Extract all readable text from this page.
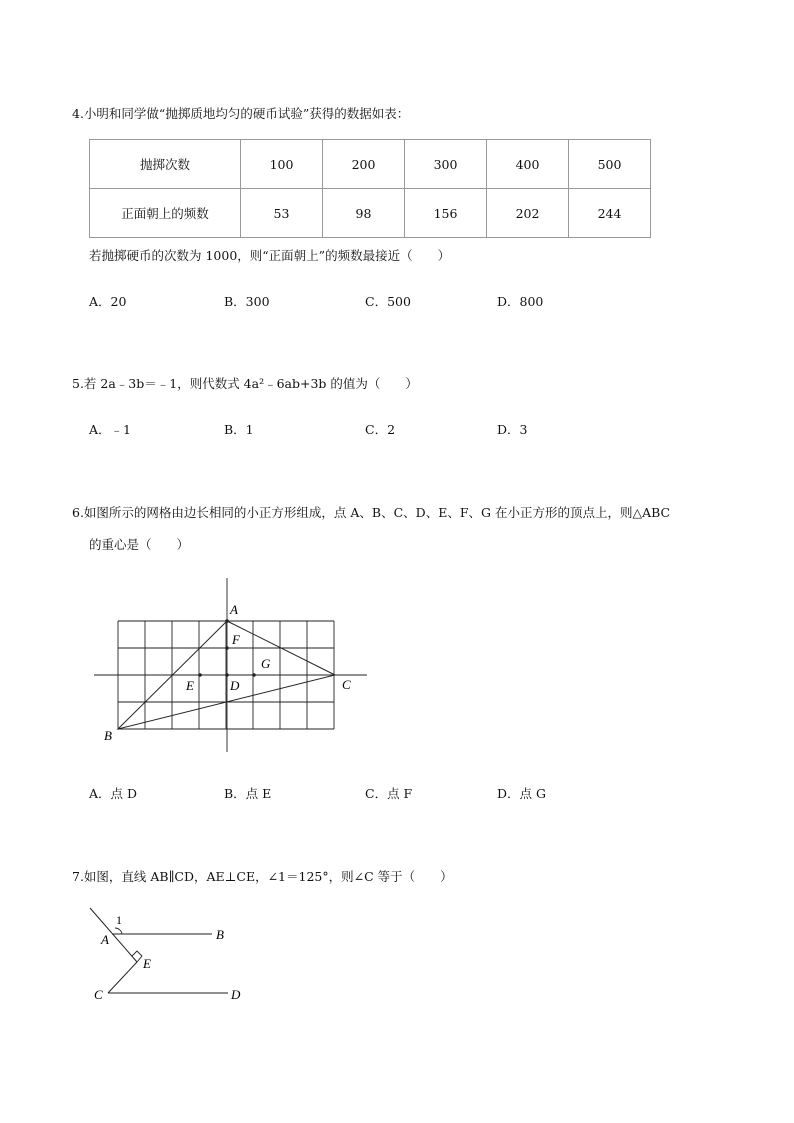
4.小明和同学做“抛掷质地均匀的硬币试验”获得的数据如表：
抛掷次数	100	200	300	400	500
正面朝上的频数	53	98	156	202	244
若抛掷硬币的次数为 1000，则“正面朝上”的频数最接近（　　）
A．20	B．300	C．500	D．800
5.若 2a﹣3b＝﹣1，则代数式 4a²﹣6ab+3b 的值为（　　）
A．﹣1	B．1	C．2	D．3
6.如图所示的网格由边长相同的小正方形组成，点 A、B、C、D、E、F、G 在小正方形的顶点上，则△ABC
的重心是（　　）
A
F
G
E	D	C
B
1
A	B
E
C	D
A．点 D	B．点 E	C．点 F	D．点 G
7.如图，直线 AB∥CD，AE⊥CE，∠1＝125°，则∠C 等于（　　）
